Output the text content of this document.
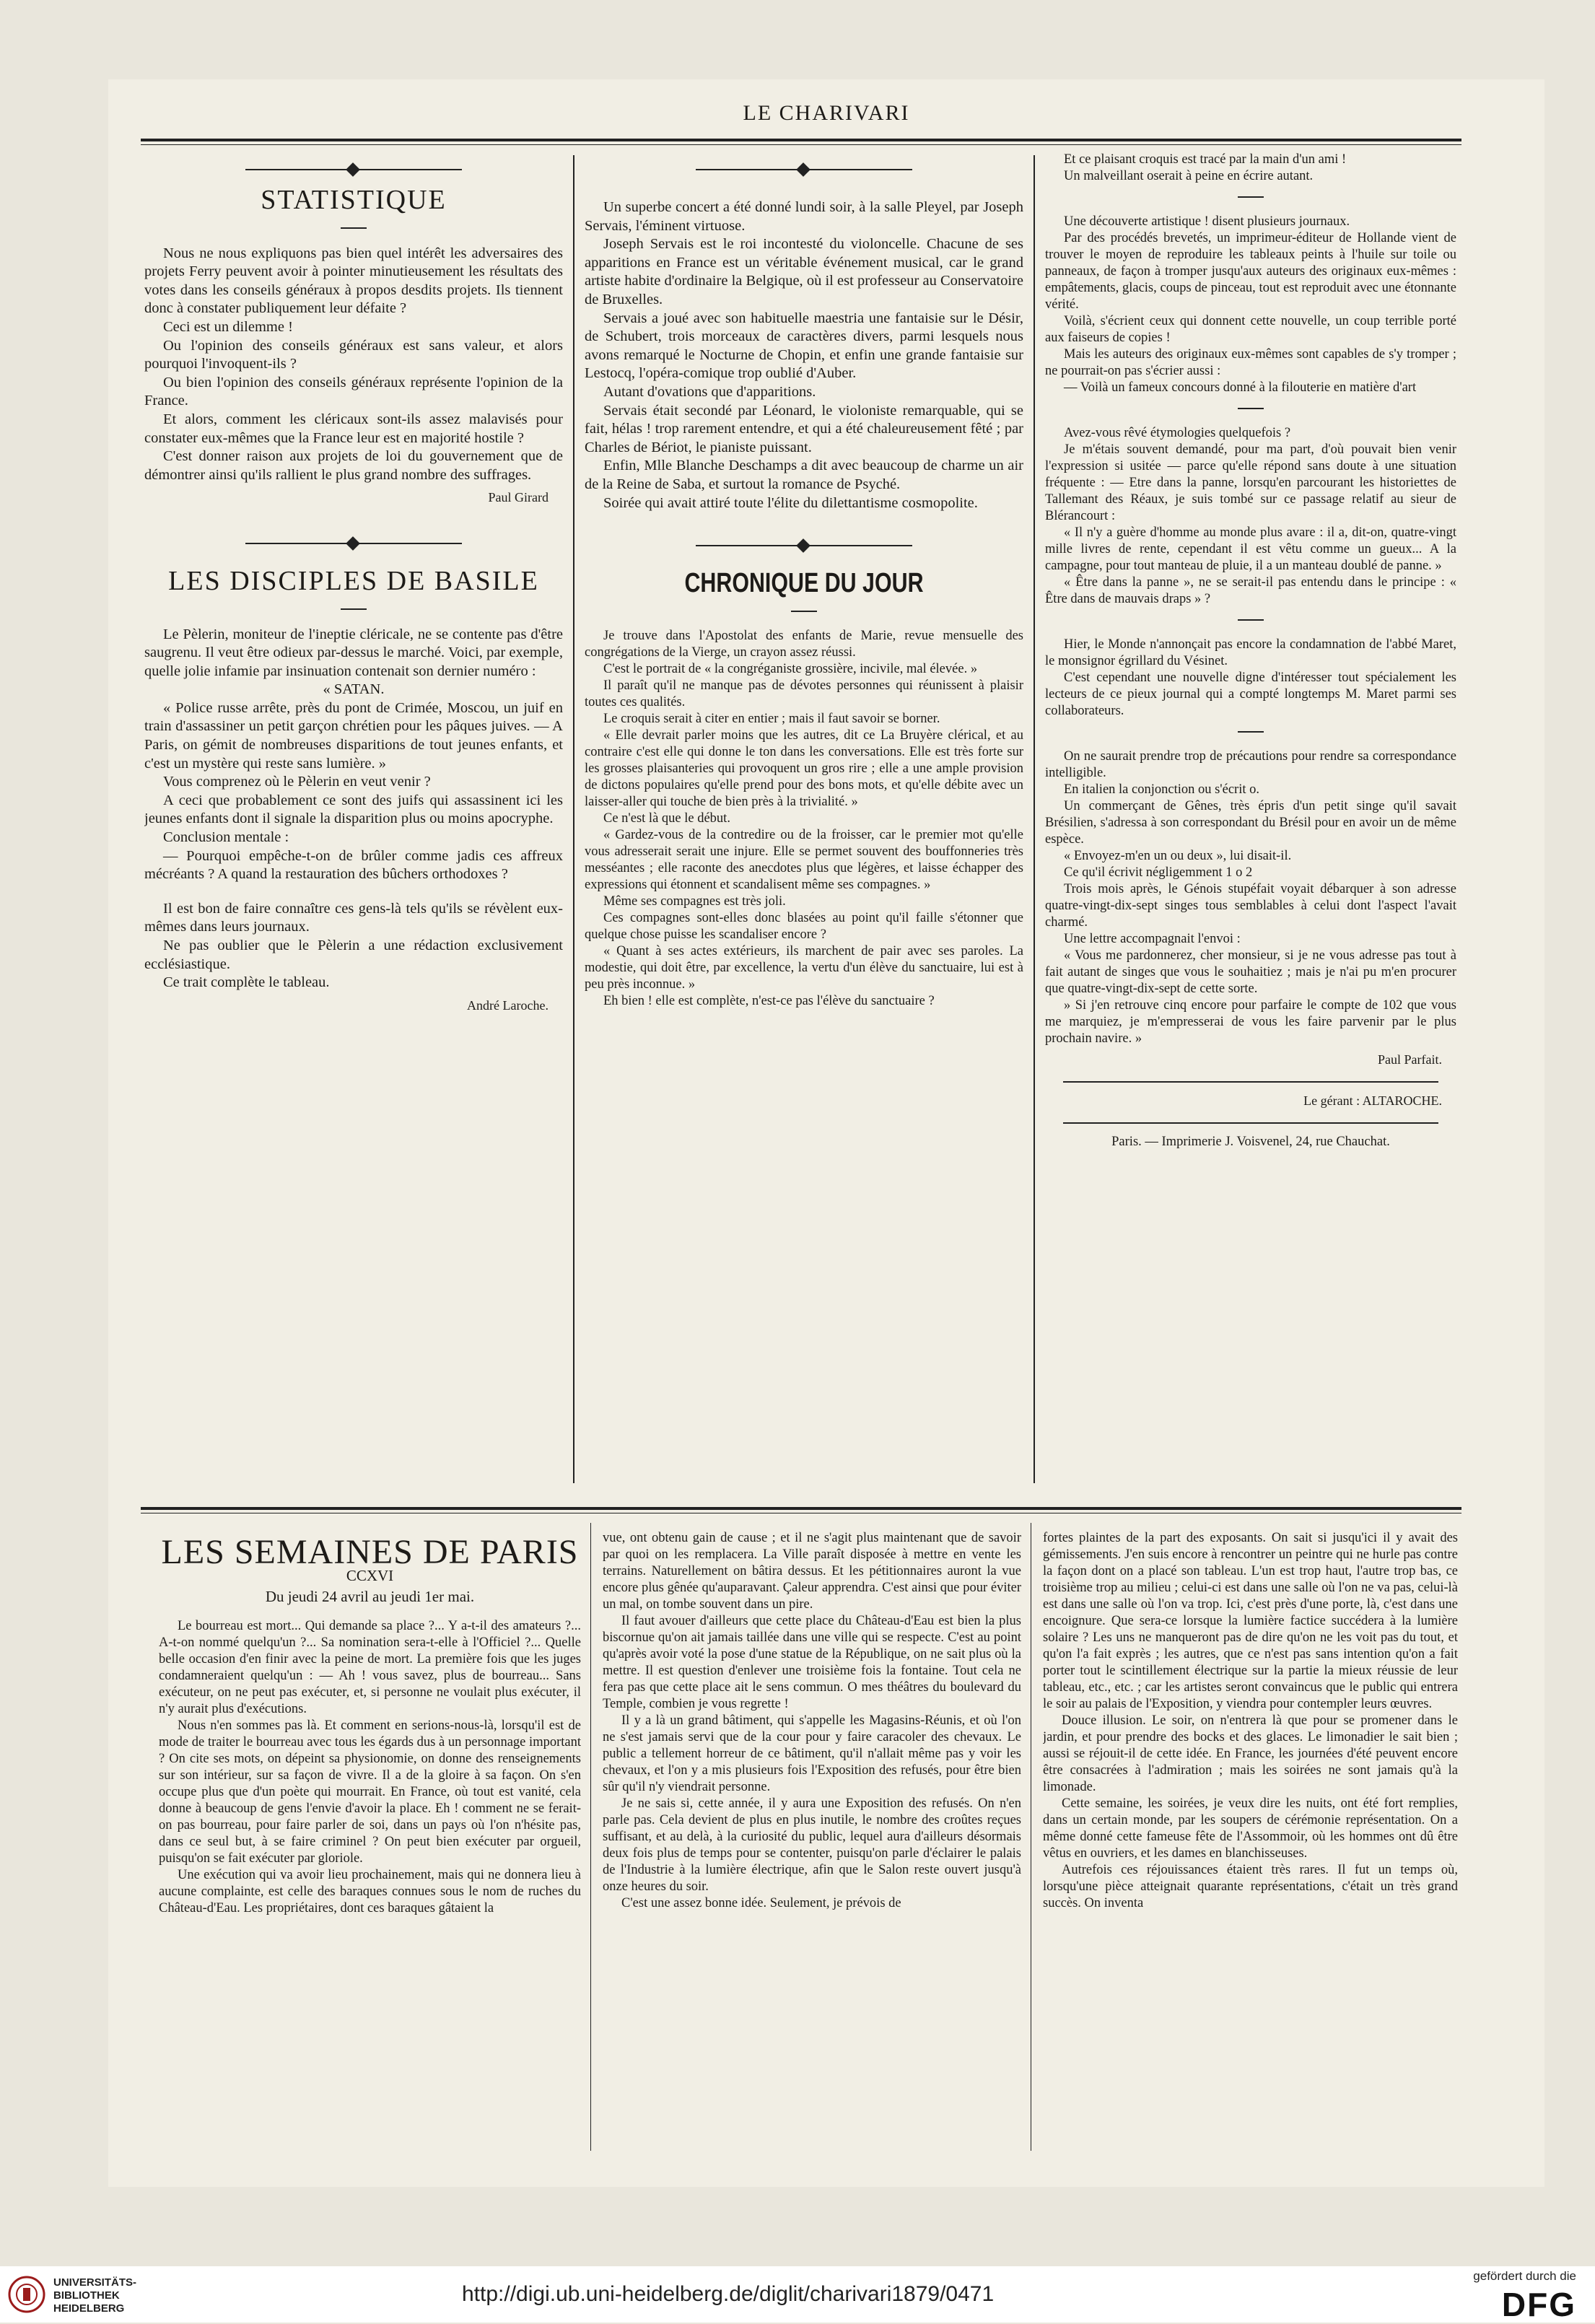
LE CHARIVARI
STATISTIQUE

Nous ne nous expliquons pas bien quel intérêt les adversaires des projets Ferry peuvent avoir à pointer minutieusement les résultats des votes dans les conseils généraux à propos desdits projets. Ils tiennent donc à constater publiquement leur défaite ?

Ceci est un dilemme !

Ou l'opinion des conseils généraux est sans valeur, et alors pourquoi l'invoquent-ils ?

Ou bien l'opinion des conseils généraux représente l'opinion de la France.

Et alors, comment les cléricaux sont-ils assez malavisés pour constater eux-mêmes que la France leur est en majorité hostile ?

C'est donner raison aux projets de loi du gouvernement que de démontrer ainsi qu'ils rallient le plus grand nombre des suffrages.

Paul Girard

LES DISCIPLES DE BASILE

Le Pèlerin, moniteur de l'ineptie cléricale, ne se contente pas d'être saugrenu. Il veut être odieux par-dessus le marché. Voici, par exemple, quelle jolie infamie par insinuation contenait son dernier numéro :

« SATAN.

« Police russe arrête, près du pont de Crimée, Moscou, un juif en train d'assassiner un petit garçon chrétien pour les pâques juives. — A Paris, on gémit de nombreuses disparitions de tout jeunes enfants, et c'est un mystère qui reste sans lumière. »

Vous comprenez où le Pèlerin en veut venir ?

A ceci que probablement ce sont des juifs qui assassinent ici les jeunes enfants dont il signale la disparition plus ou moins apocryphe.

Conclusion mentale :

— Pourquoi empêche-t-on de brûler comme jadis ces affreux mécréants ? A quand la restauration des bûchers orthodoxes ?

Il est bon de faire connaître ces gens-là tels qu'ils se révèlent eux-mêmes dans leurs journaux.

Ne pas oublier que le Pèlerin a une rédaction exclusivement ecclésiastique.

Ce trait complète le tableau.

André Laroche.

Un superbe concert a été donné lundi soir, à la salle Pleyel, par Joseph Servais, l'éminent virtuose.

Joseph Servais est le roi incontesté du violoncelle. Chacune de ses apparitions en France est un véritable événement musical, car le grand artiste habite d'ordinaire la Belgique, où il est professeur au Conservatoire de Bruxelles.

Servais a joué avec son habituelle maestria une fantaisie sur le Désir, de Schubert, trois morceaux de caractères divers, parmi lesquels nous avons remarqué le Nocturne de Chopin, et enfin une grande fantaisie sur Lestocq, l'opéra-comique trop oublié d'Auber.

Autant d'ovations que d'apparitions.

Servais était secondé par Léonard, le violoniste remarquable, qui se fait, hélas ! trop rarement entendre, et qui a été chaleureusement fêté ; par Charles de Bériot, le pianiste puissant.

Enfin, Mlle Blanche Deschamps a dit avec beaucoup de charme un air de la Reine de Saba, et surtout la romance de Psyché.

Soirée qui avait attiré toute l'élite du dilettantisme cosmopolite.

CHRONIQUE DU JOUR

Je trouve dans l'Apostolat des enfants de Marie, revue mensuelle des congrégations de la Vierge, un crayon assez réussi.

C'est le portrait de « la congréganiste grossière, incivile, mal élevée. »

Il paraît qu'il ne manque pas de dévotes personnes qui réunissent à plaisir toutes ces qualités.

Le croquis serait à citer en entier ; mais il faut savoir se borner.

« Elle devrait parler moins que les autres, dit ce La Bruyère clérical, et au contraire c'est elle qui donne le ton dans les conversations. Elle est très forte sur les grosses plaisanteries qui provoquent un gros rire ; elle a une ample provision de dictons populaires qu'elle prend pour des bons mots, et qu'elle débite avec un laisser-aller qui touche de bien près à la trivialité. »

Ce n'est là que le début.

« Gardez-vous de la contredire ou de la froisser, car le premier mot qu'elle vous adresserait serait une injure. Elle se permet souvent des bouffonneries très messéantes ; elle raconte des anecdotes plus que légères, et laisse échapper des expressions qui étonnent et scandalisent même ses compagnes. »

Même ses compagnes est très joli.

Ces compagnes sont-elles donc blasées au point qu'il faille s'étonner que quelque chose puisse les scandaliser encore ?

« Quant à ses actes extérieurs, ils marchent de pair avec ses paroles. La modestie, qui doit être, par excellence, la vertu d'un élève du sanctuaire, lui est à peu près inconnue. »

Eh bien ! elle est complète, n'est-ce pas l'élève du sanctuaire ?

Et ce plaisant croquis est tracé par la main d'un ami !

Un malveillant oserait à peine en écrire autant.

Une découverte artistique ! disent plusieurs journaux.

Par des procédés brevetés, un imprimeur-éditeur de Hollande vient de trouver le moyen de reproduire les tableaux peints à l'huile sur toile ou panneaux, de façon à tromper jusqu'aux auteurs des originaux eux-mêmes : empâtements, glacis, coups de pinceau, tout est reproduit avec une étonnante vérité.

Voilà, s'écrient ceux qui donnent cette nouvelle, un coup terrible porté aux faiseurs de copies !

Mais les auteurs des originaux eux-mêmes sont capables de s'y tromper ; ne pourrait-on pas s'écrier aussi :

— Voilà un fameux concours donné à la filouterie en matière d'art

Avez-vous rêvé étymologies quelquefois ?

Je m'étais souvent demandé, pour ma part, d'où pouvait bien venir l'expression si usitée — parce qu'elle répond sans doute à une situation fréquente : — Etre dans la panne, lorsqu'en parcourant les historiettes de Tallemant des Réaux, je suis tombé sur ce passage relatif au sieur de Blérancourt :

« Il n'y a guère d'homme au monde plus avare : il a, dit-on, quatre-vingt mille livres de rente, cependant il est vêtu comme un gueux... A la campagne, pour tout manteau de pluie, il a un manteau doublé de panne. »

« Être dans la panne », ne se serait-il pas entendu dans le principe : « Être dans de mauvais draps » ?

Hier, le Monde n'annonçait pas encore la condamnation de l'abbé Maret, le monsignor égrillard du Vésinet.

C'est cependant une nouvelle digne d'intéresser tout spécialement les lecteurs de ce pieux journal qui a compté longtemps M. Maret parmi ses collaborateurs.

On ne saurait prendre trop de précautions pour rendre sa correspondance intelligible.

En italien la conjonction ou s'écrit o.

Un commerçant de Gênes, très épris d'un petit singe qu'il savait Brésilien, s'adressa à son correspondant du Brésil pour en avoir un de même espèce.

« Envoyez-m'en un ou deux », lui disait-il.

Ce qu'il écrivit négligemment 1 o 2

Trois mois après, le Génois stupéfait voyait débarquer à son adresse quatre-vingt-dix-sept singes tous semblables à celui dont l'aspect l'avait charmé.

Une lettre accompagnait l'envoi :

« Vous me pardonnerez, cher monsieur, si je ne vous adresse pas tout à fait autant de singes que vous le souhaitiez ; mais je n'ai pu m'en procurer que quatre-vingt-dix-sept de cette sorte.

» Si j'en retrouve cinq encore pour parfaire le compte de 102 que vous me marquiez, je m'empresserai de vous les faire parvenir par le plus prochain navire. »

Paul Parfait.

Le gérant : ALTAROCHE.

Paris. — Imprimerie J. Voisvenel, 24, rue Chauchat.

LES SEMAINES DE PARIS
CCXVI
Du jeudi 24 avril au jeudi 1er mai.

Le bourreau est mort... Qui demande sa place ?... Y a-t-il des amateurs ?... A-t-on nommé quelqu'un ?... Sa nomination sera-t-elle à l'Officiel ?... Quelle belle occasion d'en finir avec la peine de mort. La première fois que les juges condamneraient quelqu'un : — Ah ! vous savez, plus de bourreau... Sans exécuteur, on ne peut pas exécuter, et, si personne ne voulait plus exécuter, il n'y aurait plus d'exécutions.

Nous n'en sommes pas là. Et comment en serions-nous-là, lorsqu'il est de mode de traiter le bourreau avec tous les égards dus à un personnage important ? On cite ses mots, on dépeint sa physionomie, on donne des renseignements sur son intérieur, sur sa façon de vivre. Il a de la gloire à sa façon. On s'en occupe plus que d'un poète qui mourrait. En France, où tout est vanité, cela donne à beaucoup de gens l'envie d'avoir la place. Eh ! comment ne se ferait-on pas bourreau, pour faire parler de soi, dans un pays où l'on n'hésite pas, dans ce seul but, à se faire criminel ? On peut bien exécuter par orgueil, puisqu'on se fait exécuter par gloriole.

Une exécution qui va avoir lieu prochainement, mais qui ne donnera lieu à aucune complainte, est celle des baraques connues sous le nom de ruches du Château-d'Eau. Les propriétaires, dont ces baraques gâtaient la

vue, ont obtenu gain de cause ; et il ne s'agit plus maintenant que de savoir par quoi on les remplacera. La Ville paraît disposée à mettre en vente les terrains. Naturellement on bâtira dessus. Et les pétitionnaires auront la vue encore plus gênée qu'auparavant. Çaleur apprendra. C'est ainsi que pour éviter un mal, on tombe souvent dans un pire.

Il faut avouer d'ailleurs que cette place du Château-d'Eau est bien la plus biscornue qu'on ait jamais taillée dans une ville qui se respecte. C'est au point qu'après avoir voté la pose d'une statue de la République, on ne sait plus où la mettre. Il est question d'enlever une troisième fois la fontaine. Tout cela ne fera pas que cette place ait le sens commun. O mes théâtres du boulevard du Temple, combien je vous regrette !

Il y a là un grand bâtiment, qui s'appelle les Magasins-Réunis, et où l'on ne s'est jamais servi que de la cour pour y faire caracoler des chevaux. Le public a tellement horreur de ce bâtiment, qu'il n'allait même pas y voir les chevaux, et l'on y a mis plusieurs fois l'Exposition des refusés, pour être bien sûr qu'il n'y viendrait personne.

Je ne sais si, cette année, il y aura une Exposition des refusés. On n'en parle pas. Cela devient de plus en plus inutile, le nombre des croûtes reçues suffisant, et au delà, à la curiosité du public, lequel aura d'ailleurs désormais deux fois plus de temps pour se contenter, puisqu'on parle d'éclairer le palais de l'Industrie à la lumière électrique, afin que le Salon reste ouvert jusqu'à onze heures du soir.

C'est une assez bonne idée. Seulement, je prévois de

fortes plaintes de la part des exposants. On sait si jusqu'ici il y avait des gémissements. J'en suis encore à rencontrer un peintre qui ne hurle pas contre la façon dont on a placé son tableau. L'un est trop haut, l'autre trop bas, ce troisième trop au milieu ; celui-ci est dans une salle où l'on ne va pas, celui-là est dans une salle où l'on va trop. Ici, c'est près d'une porte, là, c'est dans une encoignure. Que sera-ce lorsque la lumière factice succédera à la lumière solaire ? Les uns ne manqueront pas de dire qu'on ne les voit pas du tout, et qu'on l'a fait exprès ; les autres, que ce n'est pas sans intention qu'on a fait porter tout le scintillement électrique sur la partie la mieux réussie de leur tableau, etc., etc. ; car les artistes seront convaincus que le public qui entrera le soir au palais de l'Exposition, y viendra pour contempler leurs œuvres.

Douce illusion. Le soir, on n'entrera là que pour se promener dans le jardin, et pour prendre des bocks et des glaces. Le limonadier le sait bien ; aussi se réjouit-il de cette idée. En France, les journées d'été peuvent encore être consacrées à l'admiration ; mais les soirées ne sont jamais qu'à la limonade.

Cette semaine, les soirées, je veux dire les nuits, ont été fort remplies, dans un certain monde, par les soupers de cérémonie représentation. On a même donné cette fameuse fête de l'Assommoir, où les hommes ont dû être vêtus en ouvriers, et les dames en blanchisseuses.

Autrefois ces réjouissances étaient très rares. Il fut un temps où, lorsqu'une pièce atteignait quarante représentations, c'était un très grand succès. On inventa

UNIVERSITÄTS-
BIBLIOTHEK
HEIDELBERG
http://digi.ub.uni-heidelberg.de/diglit/charivari1879/0471
gefördert durch die
DFG
